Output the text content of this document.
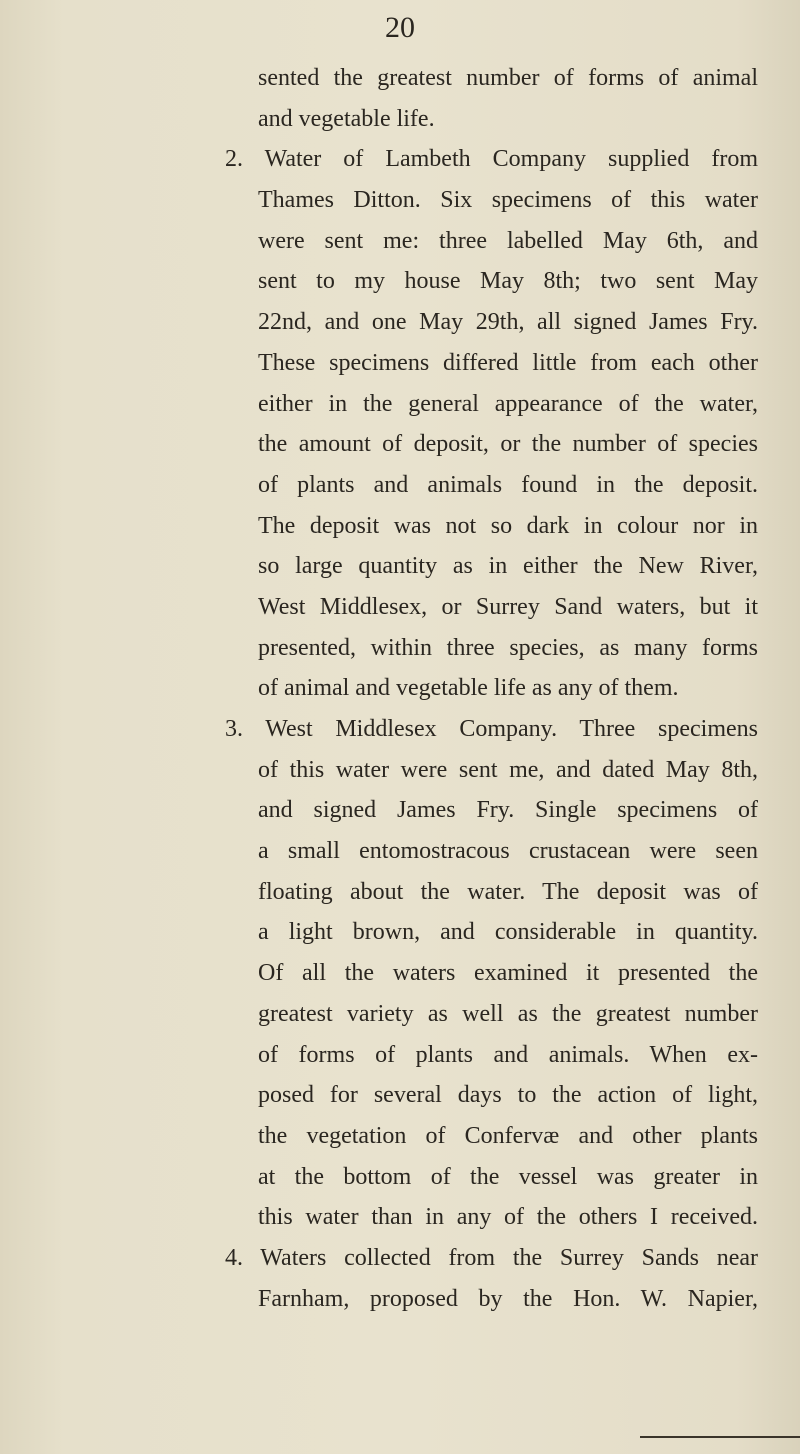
20
sented the greatest number of forms of animal
and vegetable life.
2. Water of Lambeth Company supplied from
Thames Ditton. Six specimens of this water
were sent me: three labelled May 6th, and
sent to my house May 8th; two sent May
22nd, and one May 29th, all signed James Fry.
These specimens differed little from each other
either in the general appearance of the water,
the amount of deposit, or the number of species
of plants and animals found in the deposit.
The deposit was not so dark in colour nor in
so large quantity as in either the New River,
West Middlesex, or Surrey Sand waters, but it
presented, within three species, as many forms
of animal and vegetable life as any of them.
3. West Middlesex Company. Three specimens
of this water were sent me, and dated May 8th,
and signed James Fry. Single specimens of
a small entomostracous crustacean were seen
floating about the water. The deposit was of
a light brown, and considerable in quantity.
Of all the waters examined it presented the
greatest variety as well as the greatest number
of forms of plants and animals. When ex-
posed for several days to the action of light,
the vegetation of Confervæ and other plants
at the bottom of the vessel was greater in
this water than in any of the others I received.
4. Waters collected from the Surrey Sands near
Farnham, proposed by the Hon. W. Napier,
